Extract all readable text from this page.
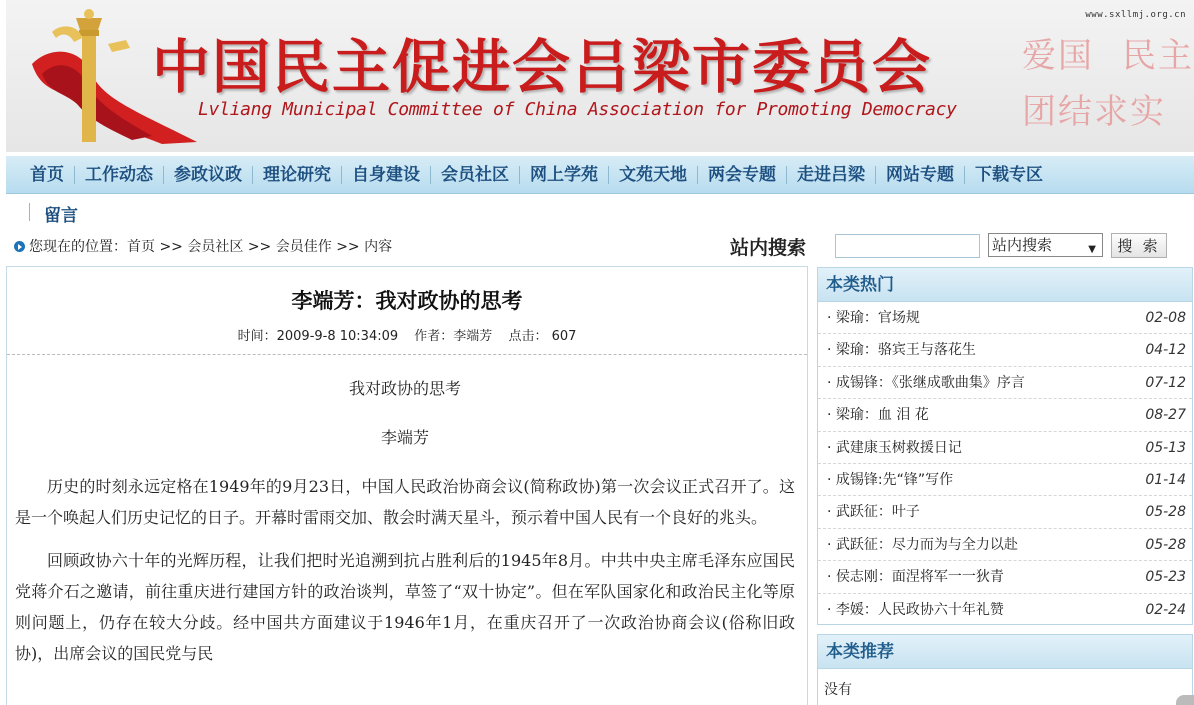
www.sxllmj.org.cn
中国民主促进会吕梁市委员会
Lvliang Municipal Committee of China Association for Promoting Democracy
爱国 民主
团结求实
首页	工作动态	参政议政	理论研究	自身建设	会员社区	网上学苑	文苑天地	两会专题	走进吕梁	网站专题	下载专区
留言
您现在的位置：首页 >> 会员社区 >> 会员佳作 >> 内容	站内搜索	站内搜索	▼	搜 索
李端芳：我对政协的思考
时间：2009-9-8 10:34:09 作者：李端芳 点击： 607
我对政协的思考
李端芳

历史的时刻永远定格在1949年的9月23日，中国人民政治协商会议(简称政协)第一次会议正式召开了。这是一个唤起人们历史记忆的日子。开幕时雷雨交加、散会时满天星斗，预示着中国人民有一个良好的兆头。

回顾政协六十年的光辉历程，让我们把时光追溯到抗占胜利后的1945年8月。中共中央主席毛泽东应国民党蒋介石之邀请，前往重庆进行建国方针的政治谈判，草签了“双十协定”。但在军队国家化和政治民主化等原则问题上，仍存在较大分歧。经中国共方面建议于1946年1月，在重庆召开了一次政治协商会议(俗称旧政协)，出席会议的国民党与民

本类热门
· 梁瑜：官场规	02-08
· 梁瑜：骆宾王与落花生	04-12
· 成锡锋：《张继成歌曲集》序言	07-12
· 梁瑜：血 泪 花	08-27
· 武建康玉树救援日记	05-13
· 成锡锋:先“锋”写作	01-14
· 武跃征：叶子	05-28
· 武跃征：尽力而为与全力以赴	05-28
· 侯志刚：面涅将军一一狄青	05-23
· 李媛：人民政协六十年礼赞	02-24
本类推荐
没有
